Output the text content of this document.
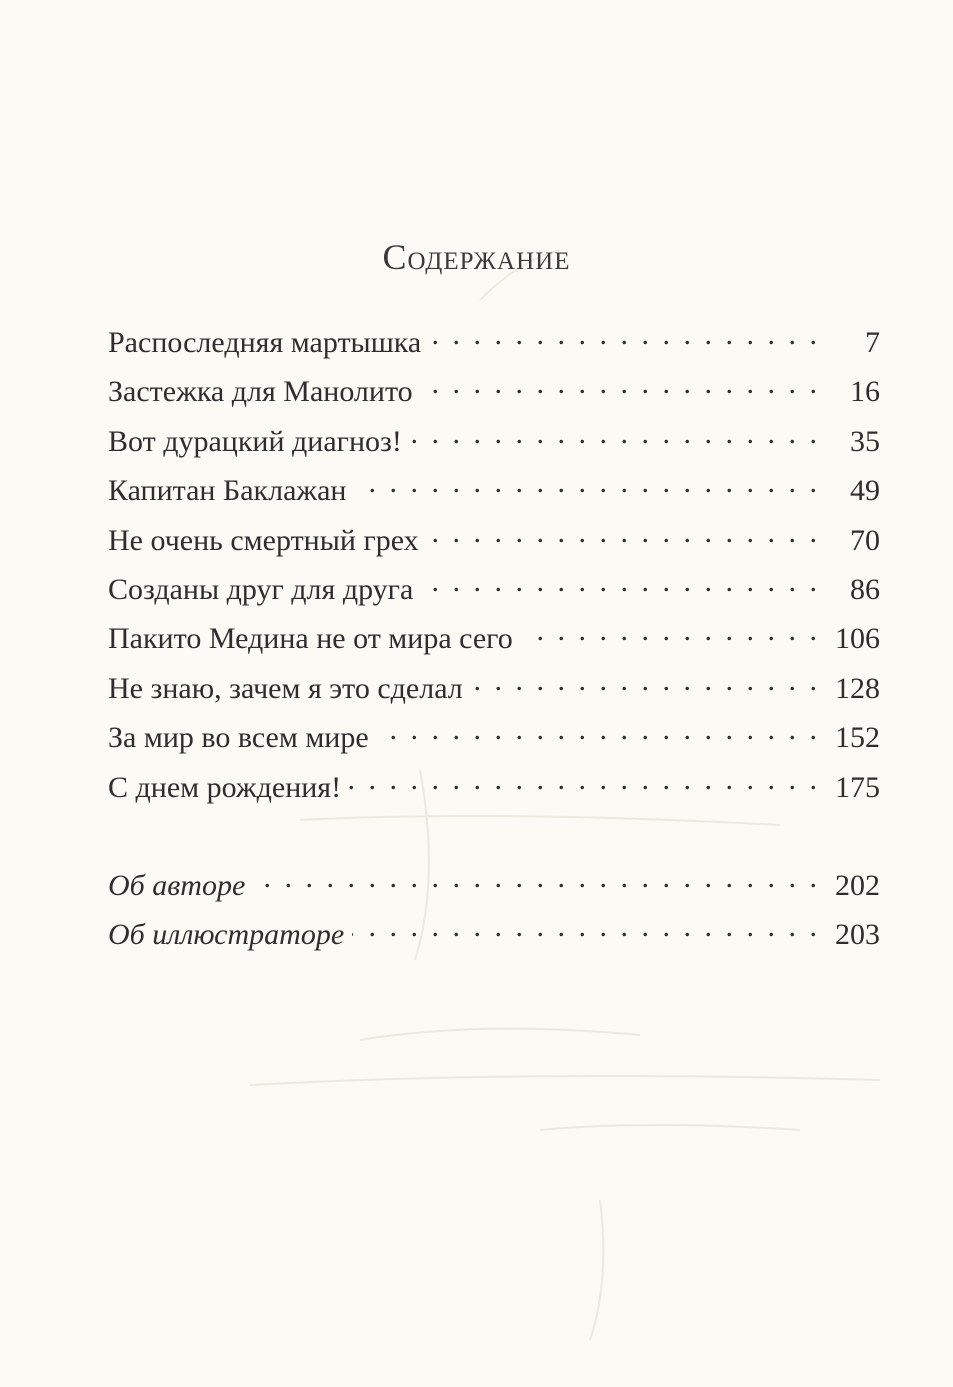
Содержание
Распоследняя мартышка . . .	7
Застежка для Манолито . . .	16
Вот дурацкий диагноз! . . .	35
Капитан Баклажан . . .	49
Не очень смертный грех . . .	70
Созданы друг для друга . . .	86
Пакито Медина не от мира сего . . .	106
Не знаю, зачем я это сделал . . .	128
За мир во всем мире . . .	152
С днем рождения! . . .	175
Об авторе . . .	202
Об иллюстраторе . . .	203
